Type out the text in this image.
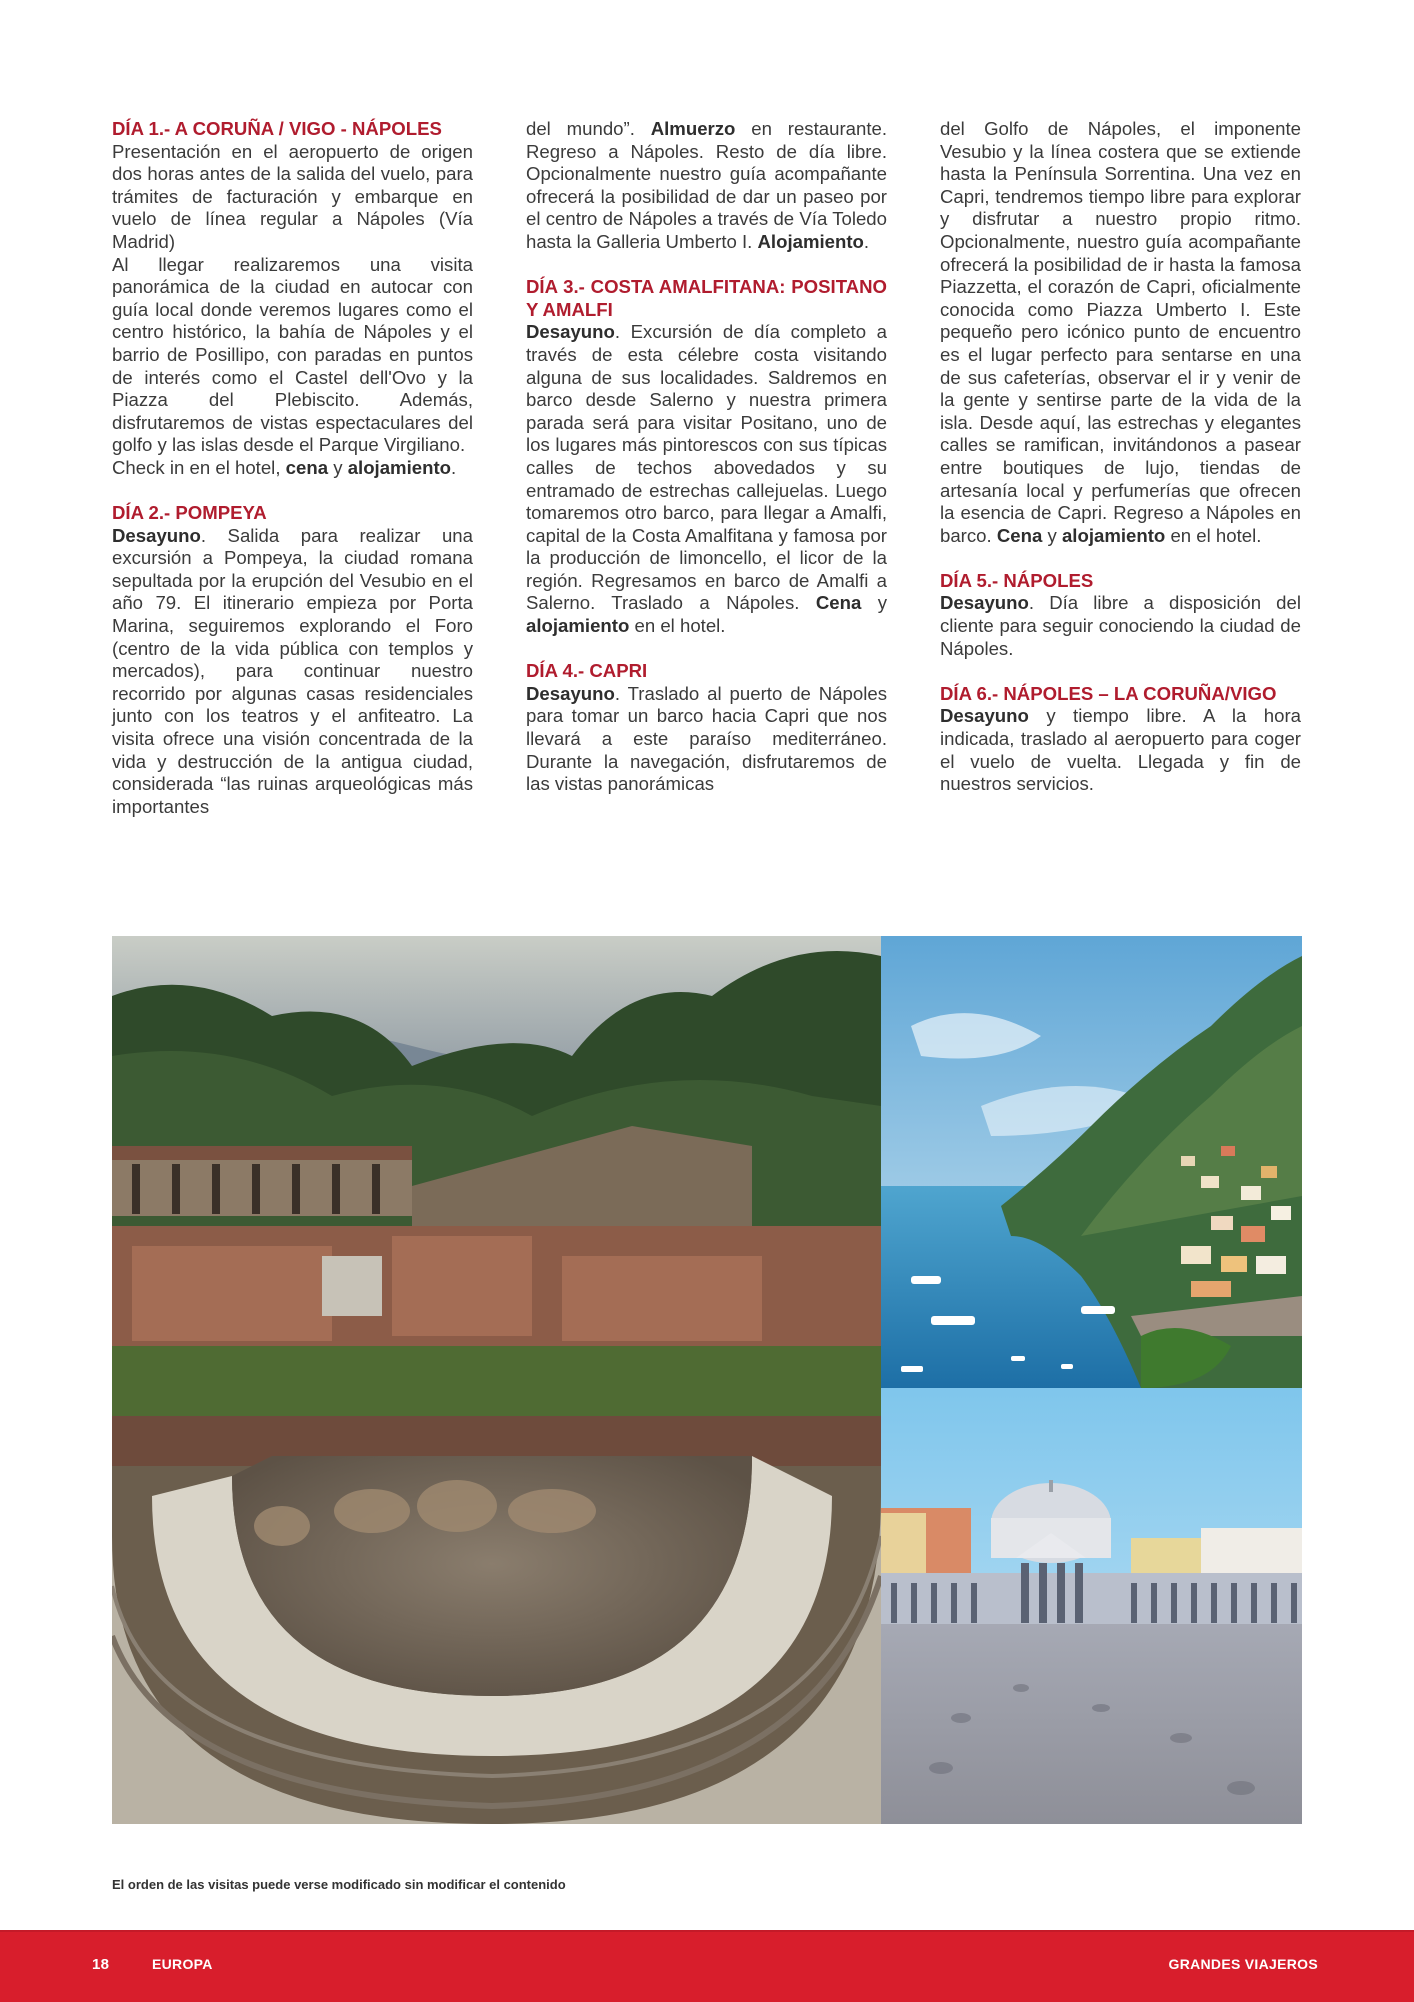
DÍA 1.- A CORUÑA / VIGO - NÁPOLES

Presentación en el aeropuerto de origen dos horas antes de la salida del vuelo, para trámites de facturación y embarque en vuelo de línea regular a Nápoles (Vía Madrid)

Al llegar realizaremos una visita panorámica de la ciudad en autocar con guía local donde veremos lugares como el centro histórico, la bahía de Nápoles y el barrio de Posillipo, con paradas en puntos de interés como el Castel dell'Ovo y la Piazza del Plebiscito. Además, disfrutaremos de vistas espectaculares del golfo y las islas desde el Parque Virgiliano.

Check in en el hotel, cena y alojamiento.

DÍA 2.- POMPEYA

Desayuno. Salida para realizar una excursión a Pompeya, la ciudad romana sepultada por la erupción del Vesubio en el año 79. El itinerario empieza por Porta Marina, seguiremos explorando el Foro (centro de la vida pública con templos y mercados), para continuar nuestro recorrido por algunas casas residenciales junto con los teatros y el anfiteatro. La visita ofrece una visión concentrada de la vida y destrucción de la antigua ciudad, considerada “las ruinas arqueológicas más importantes

del mundo”. Almuerzo en restaurante. Regreso a Nápoles. Resto de día libre. Opcionalmente nuestro guía acompañante ofrecerá la posibilidad de dar un paseo por el centro de Nápoles a través de Vía Toledo hasta la Galleria Umberto I. Alojamiento.

DÍA 3.- COSTA AMALFITANA: POSITANO Y AMALFI

Desayuno. Excursión de día completo a través de esta célebre costa visitando alguna de sus localidades. Saldremos en barco desde Salerno y nuestra primera parada será para visitar Positano, uno de los lugares más pintorescos con sus típicas calles de techos abovedados y su entramado de estrechas callejuelas. Luego tomaremos otro barco, para llegar a Amalfi, capital de la Costa Amalfitana y famosa por la producción de limoncello, el licor de la región. Regresamos en barco de Amalfi a Salerno. Traslado a Nápoles. Cena y alojamiento en el hotel.

DÍA 4.- CAPRI

Desayuno. Traslado al puerto de Nápoles para tomar un barco hacia Capri que nos llevará a este paraíso mediterráneo. Durante la navegación, disfrutaremos de las vistas panorámicas

del Golfo de Nápoles, el imponente Vesubio y la línea costera que se extiende hasta la Península Sorrentina. Una vez en Capri, tendremos tiempo libre para explorar y disfrutar a nuestro propio ritmo. Opcionalmente, nuestro guía acompañante ofrecerá la posibilidad de ir hasta la famosa Piazzetta, el corazón de Capri, oficialmente conocida como Piazza Umberto I. Este pequeño pero icónico punto de encuentro es el lugar perfecto para sentarse en una de sus cafeterías, observar el ir y venir de la gente y sentirse parte de la vida de la isla. Desde aquí, las estrechas y elegantes calles se ramifican, invitándonos a pasear entre boutiques de lujo, tiendas de artesanía local y perfumerías que ofrecen la esencia de Capri. Regreso a Nápoles en barco. Cena y alojamiento en el hotel.

DÍA 5.- NÁPOLES

Desayuno. Día libre a disposición del cliente para seguir conociendo la ciudad de Nápoles.

DÍA 6.- NÁPOLES – LA CORUÑA/VIGO

Desayuno y tiempo libre. A la hora indicada, traslado al aeropuerto para coger el vuelo de vuelta. Llegada y fin de nuestros servicios.

El orden de las visitas puede verse modificado sin modificar el contenido
18	EUROPA	GRANDES VIAJEROS
